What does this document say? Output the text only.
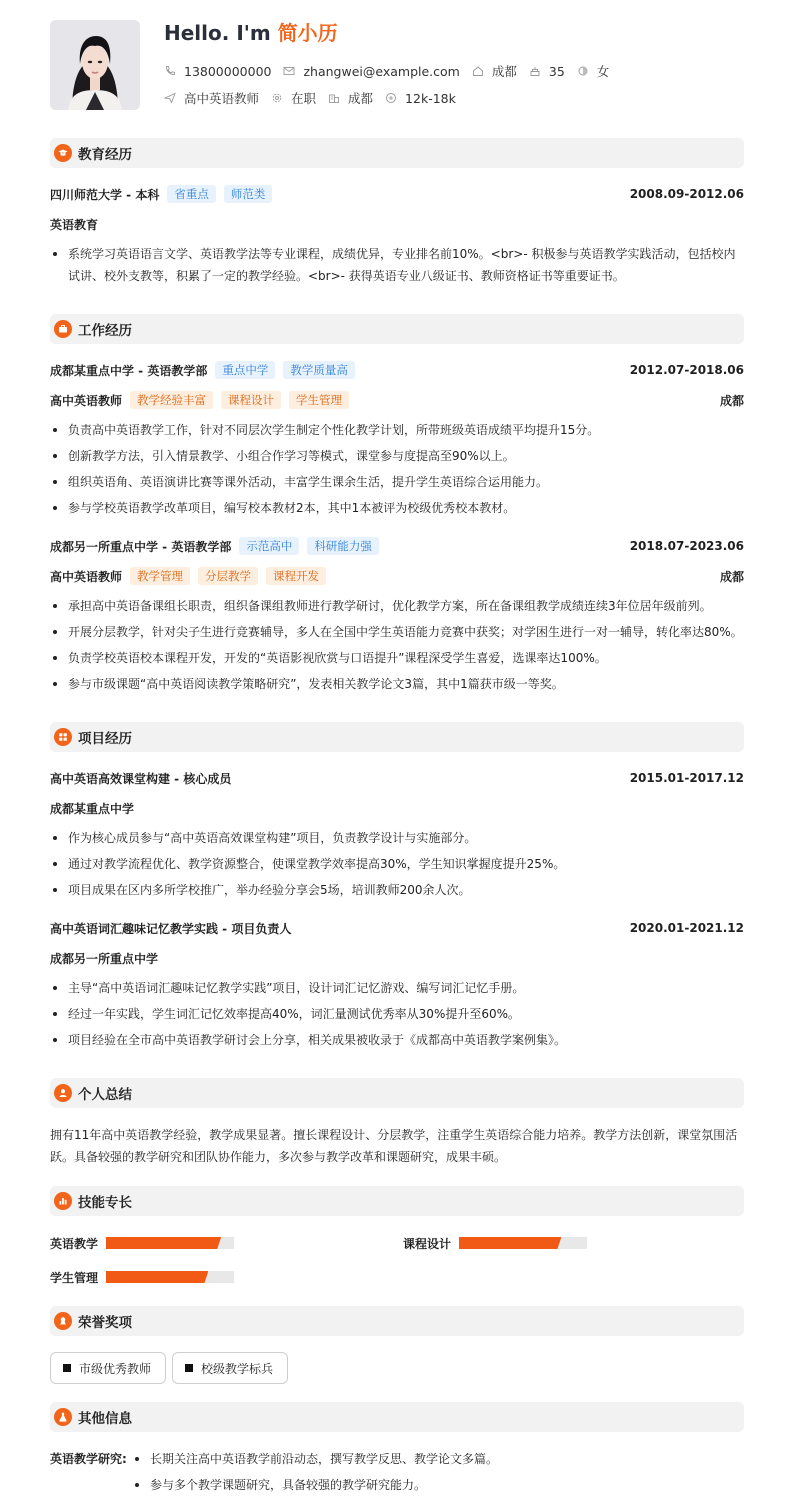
Hello. I'm 简小历
13800000000	zhangwei@example.com	成都	35	女
高中英语教师	在职	成都	12k-18k
教育经历
四川师范大学 - 本科	省重点	师范类	2008.09-2012.06
英语教育
系统学习英语语言文学、英语教学法等专业课程，成绩优异，专业排名前10%。<br>- 积极参与英语教学实践活动，包括校内试讲、校外支教等，积累了一定的教学经验。<br>- 获得英语专业八级证书、教师资格证书等重要证书。
工作经历
成都某重点中学 - 英语教学部	重点中学	教学质量高	2012.07-2018.06
高中英语教师	教学经验丰富	课程设计	学生管理	成都
负责高中英语教学工作，针对不同层次学生制定个性化教学计划，所带班级英语成绩平均提升15分。
创新教学方法，引入情景教学、小组合作学习等模式，课堂参与度提高至90%以上。
组织英语角、英语演讲比赛等课外活动，丰富学生课余生活，提升学生英语综合运用能力。
参与学校英语教学改革项目，编写校本教材2本，其中1本被评为校级优秀校本教材。
成都另一所重点中学 - 英语教学部	示范高中	科研能力强	2018.07-2023.06
高中英语教师	教学管理	分层教学	课程开发	成都
承担高中英语备课组长职责，组织备课组教师进行教学研讨，优化教学方案，所在备课组教学成绩连续3年位居年级前列。
开展分层教学，针对尖子生进行竞赛辅导，多人在全国中学生英语能力竞赛中获奖；对学困生进行一对一辅导，转化率达80%。
负责学校英语校本课程开发，开发的“英语影视欣赏与口语提升”课程深受学生喜爱，选课率达100%。
参与市级课题“高中英语阅读教学策略研究”，发表相关教学论文3篇，其中1篇获市级一等奖。
项目经历
高中英语高效课堂构建 - 核心成员	2015.01-2017.12
成都某重点中学
作为核心成员参与“高中英语高效课堂构建”项目，负责教学设计与实施部分。
通过对教学流程优化、教学资源整合，使课堂教学效率提高30%，学生知识掌握度提升25%。
项目成果在区内多所学校推广，举办经验分享会5场，培训教师200余人次。
高中英语词汇趣味记忆教学实践 - 项目负责人	2020.01-2021.12
成都另一所重点中学
主导“高中英语词汇趣味记忆教学实践”项目，设计词汇记忆游戏、编写词汇记忆手册。
经过一年实践，学生词汇记忆效率提高40%，词汇量测试优秀率从30%提升至60%。
项目经验在全市高中英语教学研讨会上分享，相关成果被收录于《成都高中英语教学案例集》。
个人总结
拥有11年高中英语教学经验，教学成果显著。擅长课程设计、分层教学，注重学生英语综合能力培养。教学方法创新，课堂氛围活跃。具备较强的教学研究和团队协作能力，多次参与教学改革和课题研究，成果丰硕。
技能专长
英语教学	课程设计
学生管理
荣誉奖项
市级优秀教师	校级教学标兵
其他信息
英语教学研究:	长期关注高中英语教学前沿动态，撰写教学反思、教学论文多篇。
参与多个教学课题研究，具备较强的教学研究能力。
